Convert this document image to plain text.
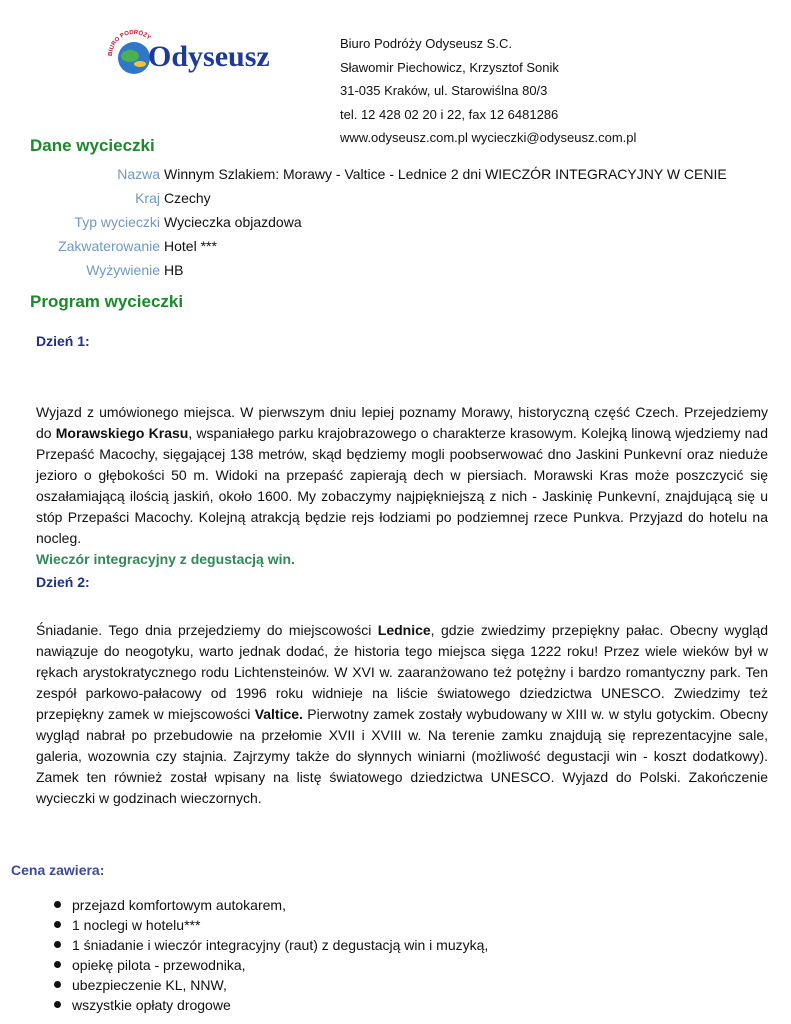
BIURO PODRÓŻY
Odyseusz	Biuro Podróży Odyseusz S.C.
Sławomir Piechowicz, Krzysztof Sonik
31-035 Kraków, ul. Starowiślna 80/3
tel. 12 428 02 20 i 22, fax 12 6481286
www.odyseusz.com.pl wycieczki@odyseusz.com.pl
Dane wycieczki
Nazwa Winnym Szlakiem: Morawy - Valtice - Lednice 2 dni WIECZÓR INTEGRACYJNY W CENIE
Kraj Czechy
Typ wycieczki Wycieczka objazdowa
Zakwaterowanie Hotel ***
Wyżywienie HB
Program wycieczki
Dzień 1:

Wyjazd z umówionego miejsca. W pierwszym dniu lepiej poznamy Morawy, historyczną część Czech. Przejedziemy do Morawskiego Krasu, wspaniałego parku krajobrazowego o charakterze krasowym. Kolejką linową wjedziemy nad Przepaść Macochy, sięgającej 138 metrów, skąd będziemy mogli poobserwować dno Jaskini Punkevní oraz nieduże jezioro o głębokości 50 m. Widoki na przepaść zapierają dech w piersiach. Morawski Kras może poszczycić się oszałamiającą ilością jaskiń, około 1600. My zobaczymy najpiękniejszą z nich - Jaskinię Punkevní, znajdującą się u stóp Przepaści Macochy. Kolejną atrakcją będzie rejs łodziami po podziemnej rzece Punkva. Przyjazd do hotelu na nocleg.
Wieczór integracyjny z degustacją win.

Dzień 2:

Śniadanie. Tego dnia przejedziemy do miejscowości Lednice, gdzie zwiedzimy przepiękny pałac. Obecny wygląd nawiązuje do neogotyku, warto jednak dodać, że historia tego miejsca sięga 1222 roku! Przez wiele wieków był w rękach arystokratycznego rodu Lichtensteinów. W XVI w. zaaranżowano też potężny i bardzo romantyczny park. Ten zespół parkowo-pałacowy od 1996 roku widnieje na liście światowego dziedzictwa UNESCO. Zwiedzimy też przepiękny zamek w miejscowości Valtice. Pierwotny zamek zostały wybudowany w XIII w. w stylu gotyckim. Obecny wygląd nabrał po przebudowie na przełomie XVII i XVIII w. Na terenie zamku znajdują się reprezentacyjne sale, galeria, wozownia czy stajnia. Zajrzymy także do słynnych winiarni (możliwość degustacji win - koszt dodatkowy). Zamek ten również został wpisany na listę światowego dziedzictwa UNESCO. Wyjazd do Polski. Zakończenie wycieczki w godzinach wieczornych.

Cena zawiera:
przejazd komfortowym autokarem,
1 noclegi w hotelu***
1 śniadanie i wieczór integracyjny (raut) z degustacją win i muzyką,
opiekę pilota - przewodnika,
ubezpieczenie KL, NNW,
wszystkie opłaty drogowe
